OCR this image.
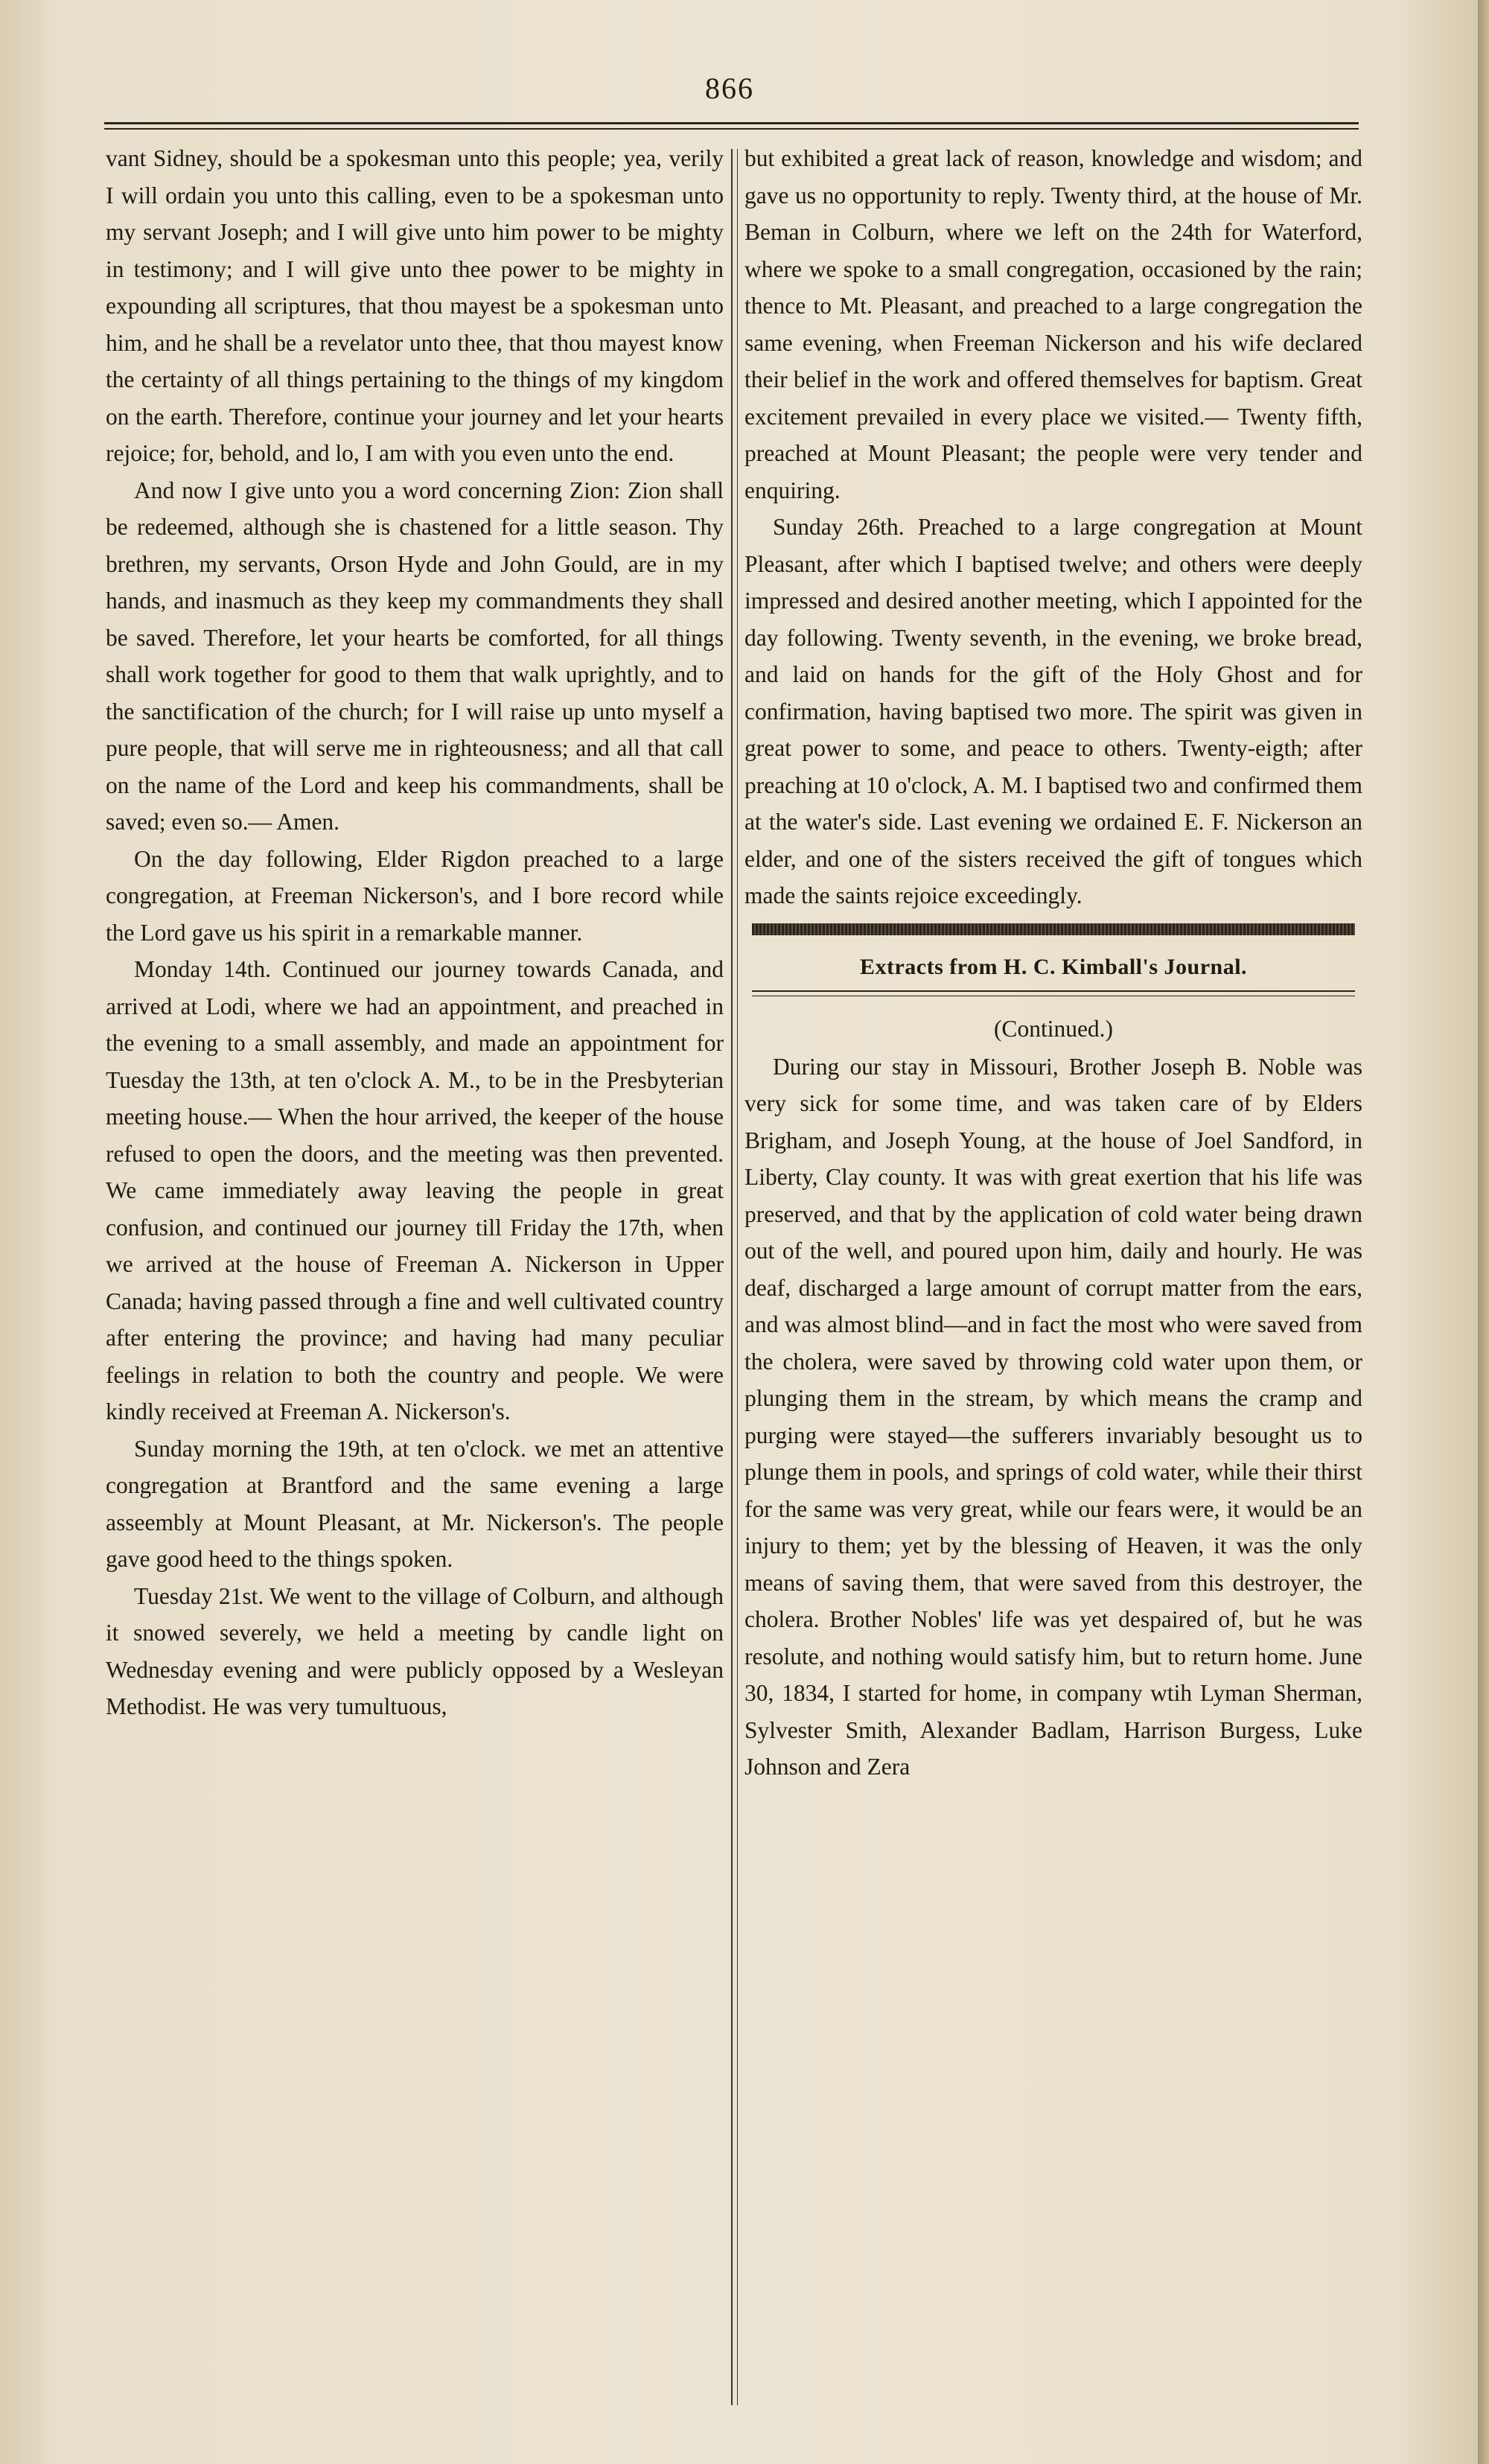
866

vant Sidney, should be a spokesman unto this people; yea, verily I will ordain you unto this calling, even to be a spokesman unto my servant Joseph; and I will give unto him power to be mighty in testimony; and I will give unto thee power to be mighty in expounding all scriptures, that thou mayest be a spokesman unto him, and he shall be a revelator unto thee, that thou mayest know the certainty of all things pertaining to the things of my kingdom on the earth. Therefore, continue your journey and let your hearts rejoice; for, behold, and lo, I am with you even unto the end.

And now I give unto you a word concerning Zion: Zion shall be redeemed, although she is chastened for a little season. Thy brethren, my servants, Orson Hyde and John Gould, are in my hands, and inasmuch as they keep my commandments they shall be saved. Therefore, let your hearts be comforted, for all things shall work together for good to them that walk uprightly, and to the sanctification of the church; for I will raise up unto myself a pure people, that will serve me in righteousness; and all that call on the name of the Lord and keep his commandments, shall be saved; even so.— Amen.

On the day following, Elder Rigdon preached to a large congregation, at Freeman Nickerson's, and I bore record while the Lord gave us his spirit in a remarkable manner.

Monday 14th. Continued our journey towards Canada, and arrived at Lodi, where we had an appointment, and preached in the evening to a small assembly, and made an appointment for Tuesday the 13th, at ten o'clock A. M., to be in the Presbyterian meeting house.— When the hour arrived, the keeper of the house refused to open the doors, and the meeting was then prevented. We came immediately away leaving the people in great confusion, and continued our journey till Friday the 17th, when we arrived at the house of Freeman A. Nickerson in Upper Canada; having passed through a fine and well cultivated country after entering the province; and having had many peculiar feelings in relation to both the country and people. We were kindly received at Freeman A. Nickerson's.

Sunday morning the 19th, at ten o'clock. we met an attentive congregation at Brantford and the same evening a large asseembly at Mount Pleasant, at Mr. Nickerson's. The people gave good heed to the things spoken.

Tuesday 21st. We went to the village of Colburn, and although it snowed severely, we held a meeting by candle light on Wednesday evening and were publicly opposed by a Wesleyan Methodist. He was very tumultuous,

but exhibited a great lack of reason, knowledge and wisdom; and gave us no opportunity to reply. Twenty third, at the house of Mr. Beman in Colburn, where we left on the 24th for Waterford, where we spoke to a small congregation, occasioned by the rain; thence to Mt. Pleasant, and preached to a large congregation the same evening, when Freeman Nickerson and his wife declared their belief in the work and offered themselves for baptism. Great excitement prevailed in every place we visited.— Twenty fifth, preached at Mount Pleasant; the people were very tender and enquiring.

Sunday 26th. Preached to a large congregation at Mount Pleasant, after which I baptised twelve; and others were deeply impressed and desired another meeting, which I appointed for the day following. Twenty seventh, in the evening, we broke bread, and laid on hands for the gift of the Holy Ghost and for confirmation, having baptised two more. The spirit was given in great power to some, and peace to others. Twenty-eigth; after preaching at 10 o'clock, A. M. I baptised two and confirmed them at the water's side. Last evening we ordained E. F. Nickerson an elder, and one of the sisters received the gift of tongues which made the saints rejoice exceedingly.

Extracts from H. C. Kimball's Journal.
(Continued.)

During our stay in Missouri, Brother Joseph B. Noble was very sick for some time, and was taken care of by Elders Brigham, and Joseph Young, at the house of Joel Sandford, in Liberty, Clay county. It was with great exertion that his life was preserved, and that by the application of cold water being drawn out of the well, and poured upon him, daily and hourly. He was deaf, discharged a large amount of corrupt matter from the ears, and was almost blind—and in fact the most who were saved from the cholera, were saved by throwing cold water upon them, or plunging them in the stream, by which means the cramp and purging were stayed—the sufferers invariably besought us to plunge them in pools, and springs of cold water, while their thirst for the same was very great, while our fears were, it would be an injury to them; yet by the blessing of Heaven, it was the only means of saving them, that were saved from this destroyer, the cholera. Brother Nobles' life was yet despaired of, but he was resolute, and nothing would satisfy him, but to return home. June 30, 1834, I started for home, in company wtih Lyman Sherman, Sylvester Smith, Alexander Badlam, Harrison Burgess, Luke Johnson and Zera
